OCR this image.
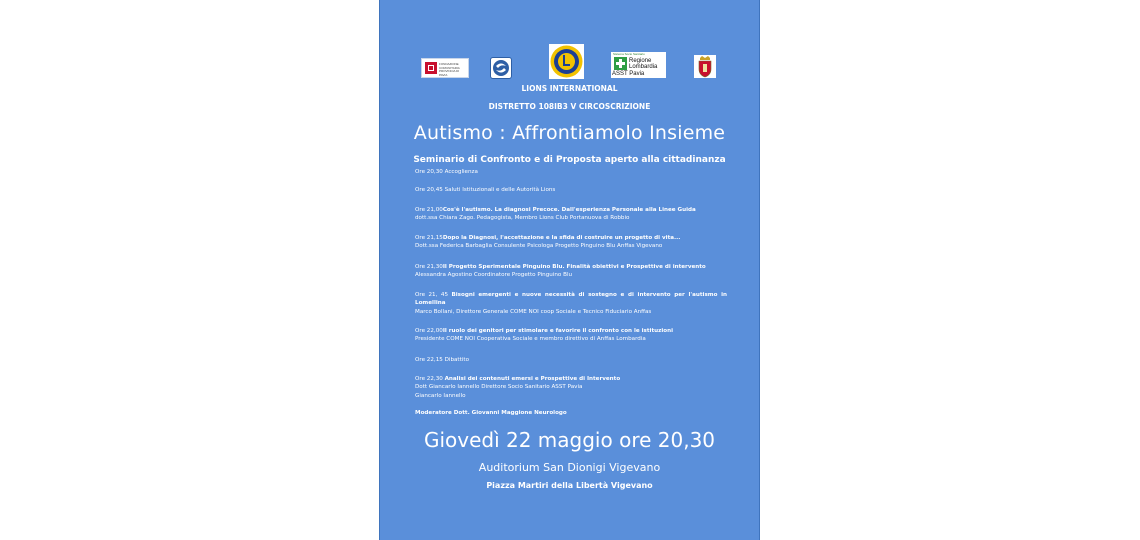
FONDAZIONE COMUNITARIA PROVINCIA DI PAVIA
Sistema Socio Sanitario
Regione
Lombardia
ASST Pavia
LIONS INTERNATIONAL
DISTRETTO 108IB3 V CIRCOSCRIZIONE
Autismo : Affrontiamolo Insieme
Seminario di Confronto e di Proposta aperto alla cittadinanza
Ore 20,30 Accoglienza
Ore 20,45 Saluti Istituzionali e delle Autorità Lions
Ore 21,00Cos'è l'autismo. La diagnosi Precoce. Dall'esperienza Personale alla Linee Guida
dott.ssa Chiara Zago. Pedagogista, Membro Lions Club Portanuova di Robbio
Ore 21,15Dopo la Diagnosi, l'accettazione e la sfida di costruire un progetto di vita...
Dott.ssa Federica Barbaglia Consulente Psicologa Progetto Pinguino Blu Anffas Vigevano
Ore 21,30Il Progetto Sperimentale Pinguino Blu. Finalità obiettivi e Prospettive di intervento
Alessandra Agostino Coordinatore Progetto Pinguino Blu
Ore 21, 45 Bisogni emergenti e nuove necessità di sostegno e di intervento per l'autismo in Lomellina
Marco Bollani, Direttore Generale COME NOI coop Sociale e Tecnico Fiduciario Anffas
Ore 22,00Il ruolo dei genitori per stimolare e favorire il confronto con le istituzioni
Presidente COME NOI Cooperativa Sociale e membro direttivo di Anffas Lombardia
Ore 22,15 Dibattito
Ore 22,30 Analisi dei contenuti emersi e Prospettive di Intervento
Dott Giancarlo Iannello Direttore Socio Sanitario ASST Pavia
Giancarlo Iannello
Moderatore Dott. Giovanni Maggione Neurologo
Giovedì 22 maggio ore 20,30
Auditorium San Dionigi Vigevano
Piazza Martiri della Libertà Vigevano
